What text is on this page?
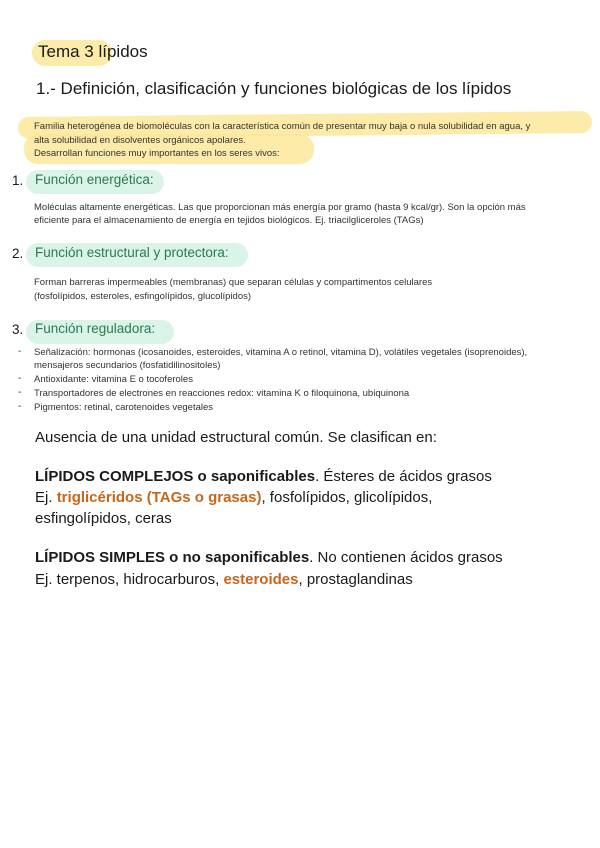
Tema 3 lípidos
1.- Definición, clasificación y funciones biológicas de los lípidos
Familia heterogénea de biomoléculas con la característica común de presentar muy baja o nula solubilidad en agua, y
alta solubilidad en disolventes orgánicos apolares.
Desarrollan funciones muy importantes en los seres vivos:
1. Función energética:
Moléculas altamente energéticas. Las que proporcionan más energía por gramo (hasta 9 kcal/gr). Son la opción más
eficiente para el almacenamiento de energía en tejidos biológicos. Ej. triacilgliceroles (TAGs)
2. Función estructural y protectora:
Forman barreras impermeables (membranas) que separan células y compartimentos celulares
(fosfolípidos, esteroles, esfingolípidos, glucolípidos)
3. Función reguladora:
- Señalización: hormonas (icosanoides, esteroides, vitamina A o retinol, vitamina D), volátiles vegetales (isoprenoides),
mensajeros secundarios (fosfatidilinositoles)
- Antioxidante: vitamina E o tocoferoles
- Transportadores de electrones en reacciones redox: vitamina K o filoquinona, ubiquinona
- Pigmentos: retinal, carotenoides vegetales
Ausencia de una unidad estructural común. Se clasifican en:
LÍPIDOS COMPLEJOS o saponificables. Ésteres de ácidos grasos
Ej. triglicéridos (TAGs o grasas), fosfolípidos, glicolípidos,
esfingolípidos, ceras
LÍPIDOS SIMPLES o no saponificables. No contienen ácidos grasos
Ej. terpenos, hidrocarburos, esteroides, prostaglandinas
